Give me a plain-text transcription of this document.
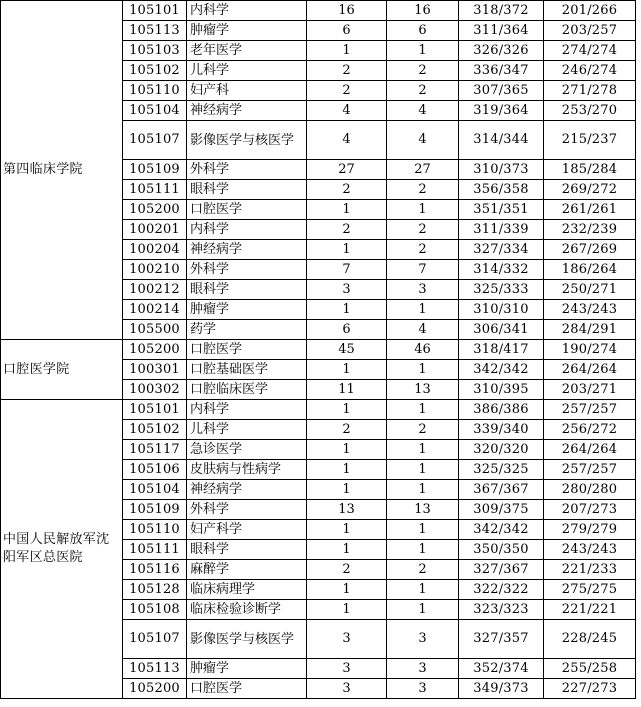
第四临床学院	105101	内科学	16	16	318/372	201/266
	105113	肿瘤学	6	6	311/364	203/257
	105103	老年医学	1	1	326/326	274/274
	105102	儿科学	2	2	336/347	246/274
	105110	妇产科	2	2	307/365	271/278
	105104	神经病学	4	4	319/364	253/270
	105107	影像医学与核医学	4	4	314/344	215/237
	105109	外科学	27	27	310/373	185/284
	105111	眼科学	2	2	356/358	269/272
	105200	口腔医学	1	1	351/351	261/261
	100201	内科学	2	2	311/339	232/239
	100204	神经病学	1	2	327/334	267/269
	100210	外科学	7	7	314/332	186/264
	100212	眼科学	3	3	325/333	250/271
	100214	肿瘤学	1	1	310/310	243/243
	105500	药学	6	4	306/341	284/291
口腔医学院	105200	口腔医学	45	46	318/417	190/274
	100301	口腔基础医学	1	1	342/342	264/264
	100302	口腔临床医学	11	13	310/395	203/271
中国人民解放军沈阳军区总医院	105101	内科学	1	1	386/386	257/257
	105102	儿科学	2	2	339/340	256/272
	105117	急诊医学	1	1	320/320	264/264
	105106	皮肤病与性病学	1	1	325/325	257/257
	105104	神经病学	1	1	367/367	280/280
	105109	外科学	13	13	309/375	207/273
	105110	妇产科学	1	1	342/342	279/279
	105111	眼科学	1	1	350/350	243/243
	105116	麻醉学	2	2	327/367	221/233
	105128	临床病理学	1	1	322/322	275/275
	105108	临床检验诊断学	1	1	323/323	221/221
	105107	影像医学与核医学	3	3	327/357	228/245
	105113	肿瘤学	3	3	352/374	255/258
	105200	口腔医学	3	3	349/373	227/273
